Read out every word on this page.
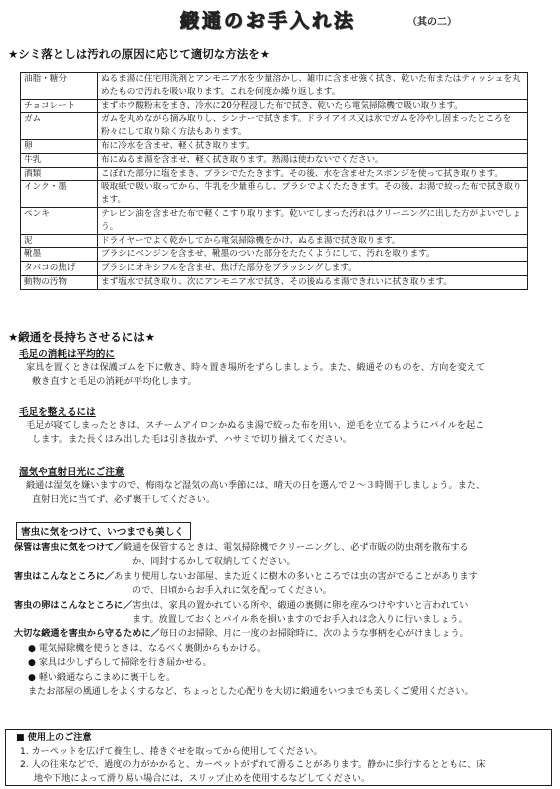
緞通のお手入れ法	（其の二）
★シミ落としは汚れの原因に応じて適切な方法を★
油脂・糖分	ぬるま湯に住宅用洗剤とアンモニア水を少量溶かし、雑巾に含ませ強く拭き、乾いた布またはティッシュを丸めたもので汚れを吸い取ります。これを何度か繰り返します。
チョコレート	まずホウ酸粉末をまき、冷水に20分程浸した布で拭き、乾いたら電気掃除機で吸い取ります。
ガム	ガムを丸めながら摘み取りし、シンナーで拭きます。ドライアイス又は氷でガムを冷やし固まったところを粉々にして取り除く方法もあります。
卵	布に冷水を含ませ、軽く拭き取ります。
牛乳	布にぬるま湯を含ませ、軽く拭き取ります。熱湯は使わないでください。
酒類	こぼれた部分に塩をまき、ブラシでたたきます。その後、水を含ませたスポンジを使って拭き取ります。
インク・墨	吸取紙で吸い取ってから、牛乳を少量垂らし、ブラシでよくたたきます。その後、お湯で絞った布で拭き取ります。
ペンキ	テレピン油を含ませた布で軽くこすり取ります。乾いてしまった汚れはクリーニングに出した方がよいでしょう。
泥	ドライヤーでよく乾かしてから電気掃除機をかけ、ぬるま湯で拭き取ります。
靴墨	ブラシにベンジンを含ませ、靴墨のついた部分をたたくようにして、汚れを取ります。
タバコの焦げ	ブラシにオキシフルを含ませ、焦げた部分をブラッシングします。
動物の汚物	まず塩水で拭き取り、次にアンモニア水で拭き、その後ぬるま湯できれいに拭き取ります。
★緞通を長持ちさせるには★
毛足の消耗は平均的に

家具を置くときは保護ゴムを下に敷き、時々置き場所をずらしましょう。また、緞通そのものを、方向を変えて

敷き直すと毛足の消耗が平均化します。

毛足を整えるには

毛足が寝てしまったときは、スチームアイロンかぬるま湯で絞った布を用い、逆毛を立てるようにパイルを起こ

します。また長くはみ出した毛は引き抜かず、ハサミで切り揃えてください。

湿気や直射日光にご注意

緞通は湿気を嫌いますので、梅雨など湿気の高い季節には、晴天の日を選んで２～３時間干しましょう。また、

直射日光に当てず、必ず裏干してください。

害虫に気をつけて、いつまでも美しく

保管は害虫に気をつけて／緞通を保管するときは、電気掃除機でクリーニングし、必ず市販の防虫剤を散布する

か、同封するかして収納してください。

害虫はこんなところに／あまり使用しないお部屋、また近くに樹木の多いところでは虫の害がでることがあります

ので、日頃からお手入れに気を配ってください。

害虫の卵はこんなところに／害虫は、家具の置かれている所や、緞通の裏側に卵を産みつけやすいと言われてい

ます。放置しておくとパイル糸を損いますのでお手入れは念入りに行いましょう。

大切な緞通を害虫から守るために／毎日のお掃除、月に一度のお掃除時に、次のような事柄を心がけましょう。

● 電気掃除機を使うときは、なるべく裏側からもかける。

● 家具は少しずらして掃除を行き届かせる。

● 軽い緞通ならこまめに裏干しを。

またお部屋の風通しをよくするなど、ちょっとした心配りを大切に緞通をいつまでも美しくご愛用ください。

■ 使用上のご注意

1. カーペットを広げて養生し、捲きぐせを取ってから使用してください。

2. 人の往来などで、過度の力がかかると、カーペットがずれて滑ることがあります。静かに歩行するとともに、床

地や下地によって滑り易い場合には、スリップ止めを使用するなどしてください。
